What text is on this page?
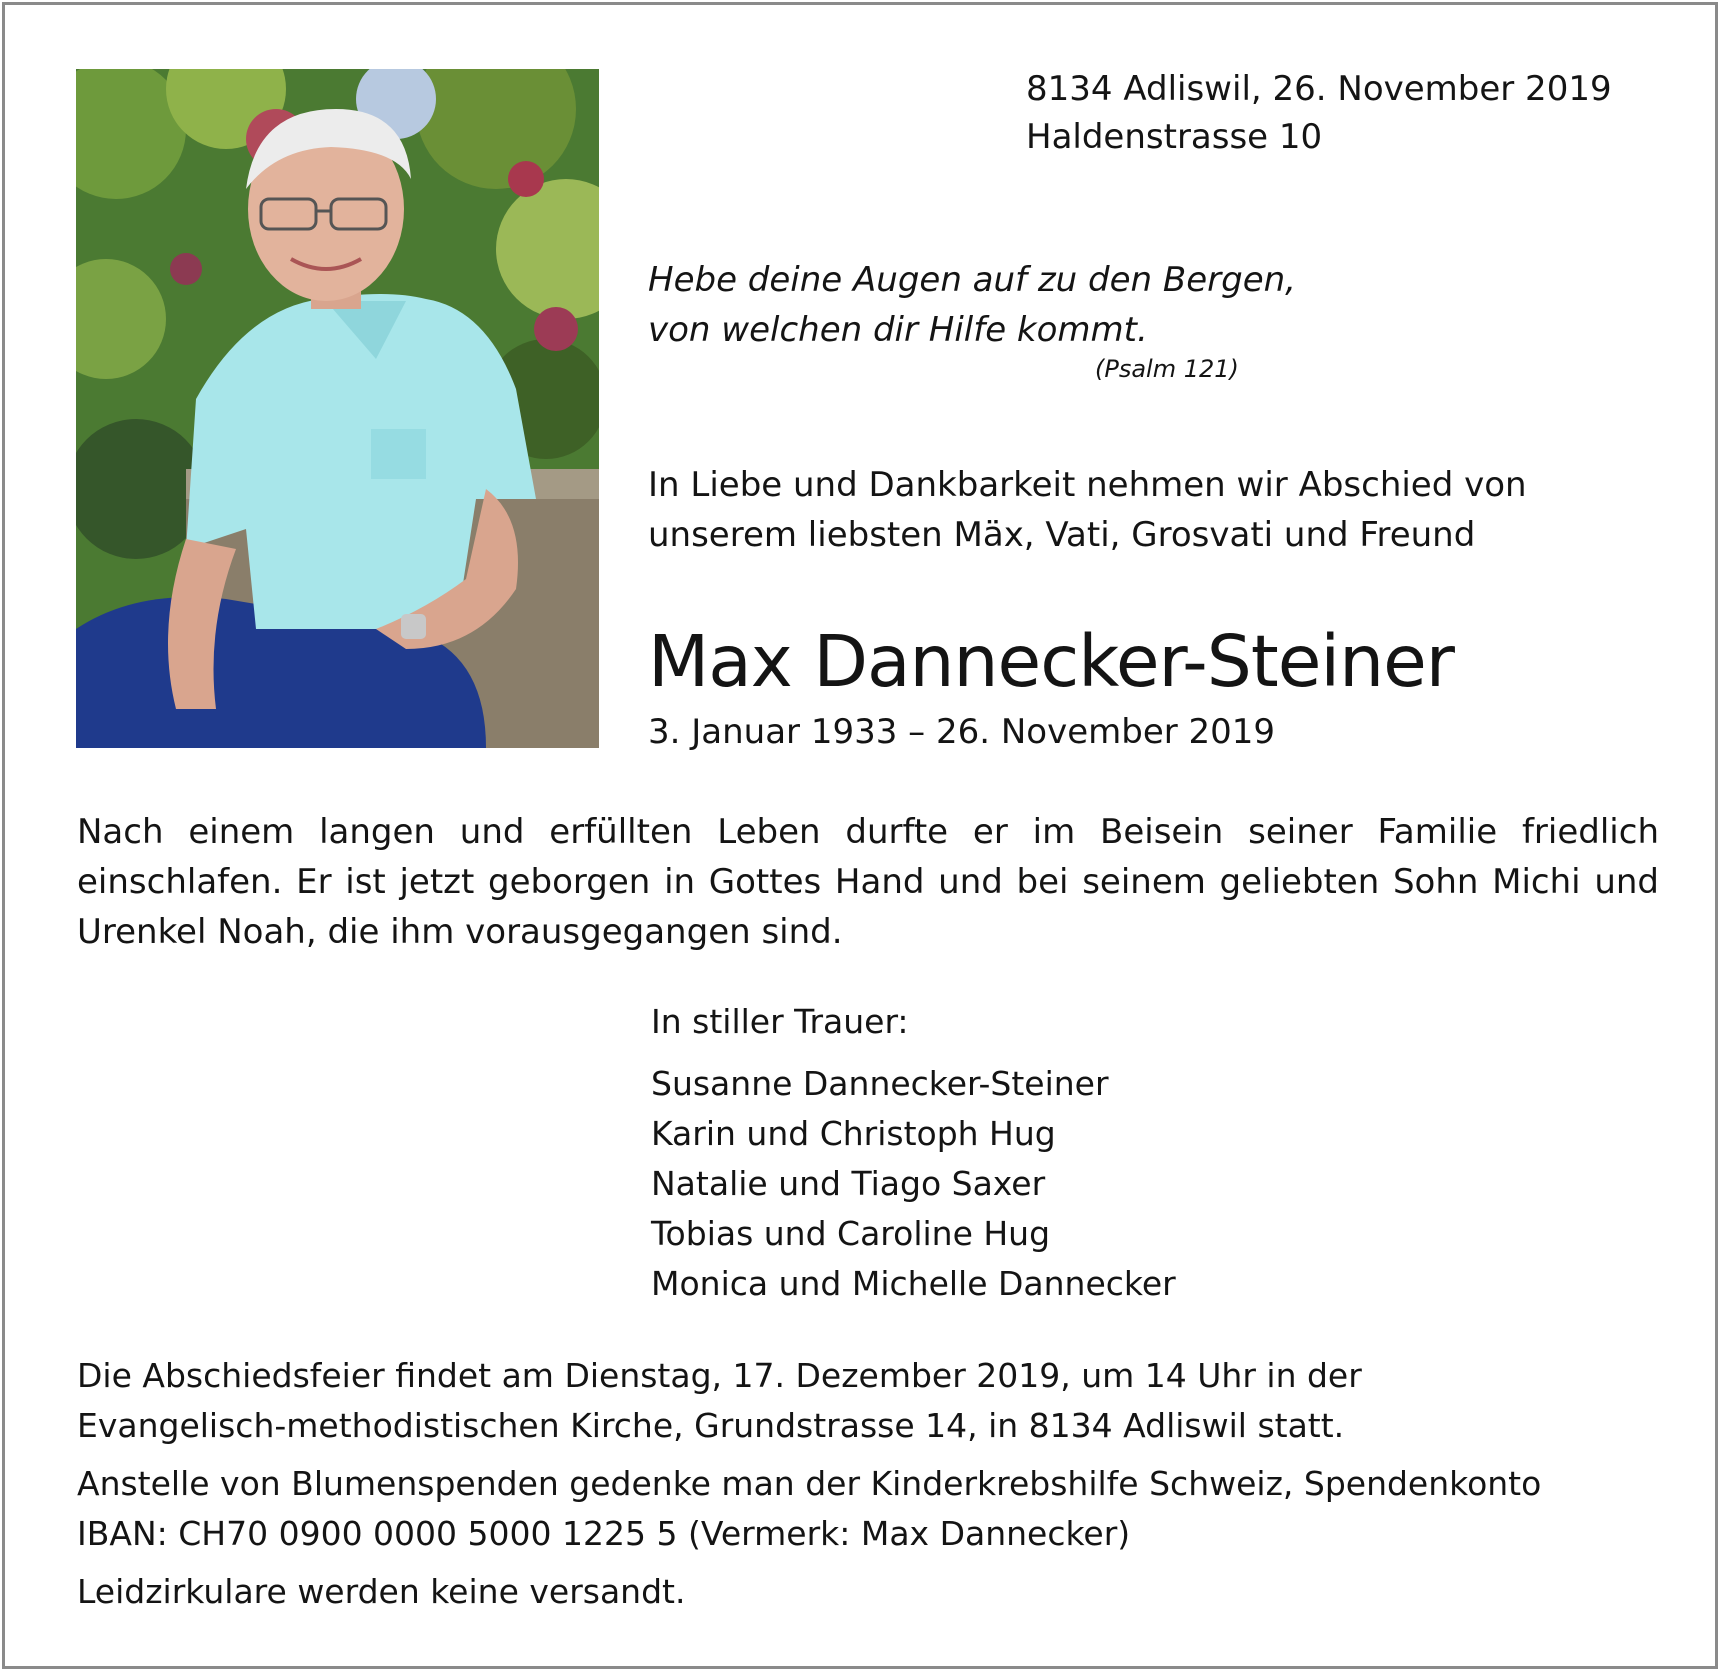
8134 Adliswil, 26. November 2019
Haldenstrasse 10
Hebe deine Augen auf zu den Bergen,
von welchen dir Hilfe kommt.
(Psalm 121)
In Liebe und Dankbarkeit nehmen wir Abschied von
unserem liebsten Mäx, Vati, Grosvati und Freund
Max Dannecker-Steiner
3. Januar 1933 – 26. November 2019
Nach einem langen und erfüllten Leben durfte er im Beisein seiner Familie friedlich einschlafen. Er ist jetzt geborgen in Gottes Hand und bei seinem geliebten Sohn Michi und Urenkel Noah, die ihm vorausgegangen sind.
In stiller Trauer:
Susanne Dannecker-Steiner
Karin und Christoph Hug
Natalie und Tiago Saxer
Tobias und Caroline Hug
Monica und Michelle Dannecker

Die Abschiedsfeier findet am Dienstag, 17. Dezember 2019, um 14 Uhr in der
Evangelisch-methodistischen Kirche, Grundstrasse 14, in 8134 Adliswil statt.

Anstelle von Blumenspenden gedenke man der Kinderkrebshilfe Schweiz, Spendenkonto
IBAN: CH70 0900 0000 5000 1225 5 (Vermerk: Max Dannecker)

Leidzirkulare werden keine versandt.
